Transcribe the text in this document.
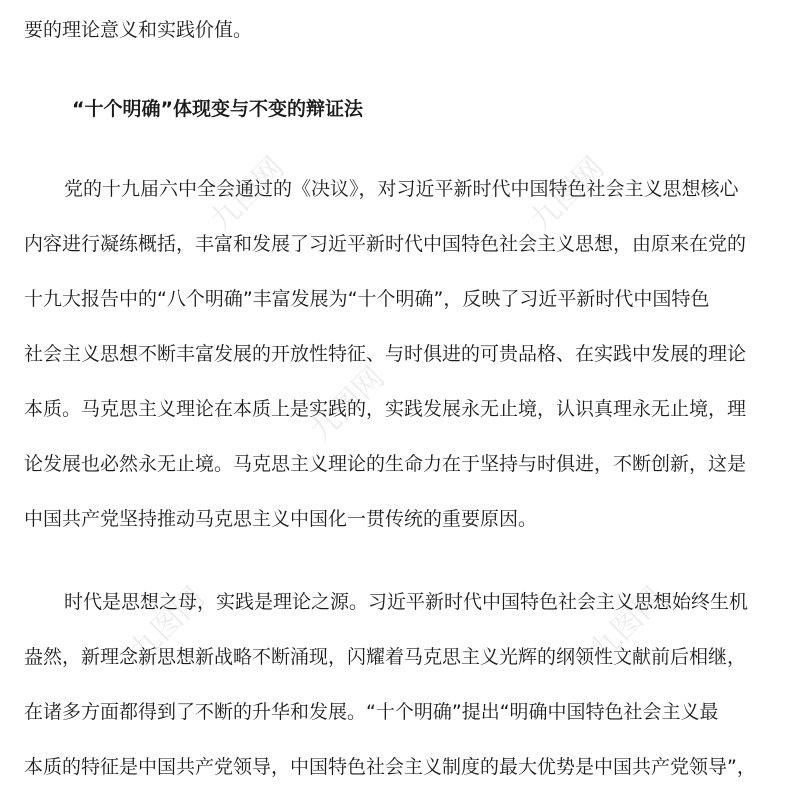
九图网	九图网
九图网
九图网	九图网
要的理论意义和实践价值。
“十个明确”体现变与不变的辩证法
党的十九届六中全会通过的《决议》，对习近平新时代中国特色社会主义思想核心
内容进行凝练概括，丰富和发展了习近平新时代中国特色社会主义思想，由原来在党的
十九大报告中的“八个明确”丰富发展为“十个明确”，反映了习近平新时代中国特色
社会主义思想不断丰富发展的开放性特征、与时俱进的可贵品格、在实践中发展的理论
本质。马克思主义理论在本质上是实践的，实践发展永无止境，认识真理永无止境，理
论发展也必然永无止境。马克思主义理论的生命力在于坚持与时俱进，不断创新，这是
中国共产党坚持推动马克思主义中国化一贯传统的重要原因。
时代是思想之母，实践是理论之源。习近平新时代中国特色社会主义思想始终生机
盎然，新理念新思想新战略不断涌现，闪耀着马克思主义光辉的纲领性文献前后相继，
在诸多方面都得到了不断的升华和发展。“十个明确”提出“明确中国特色社会主义最
本质的特征是中国共产党领导，中国特色社会主义制度的最大优势是中国共产党领导”，
